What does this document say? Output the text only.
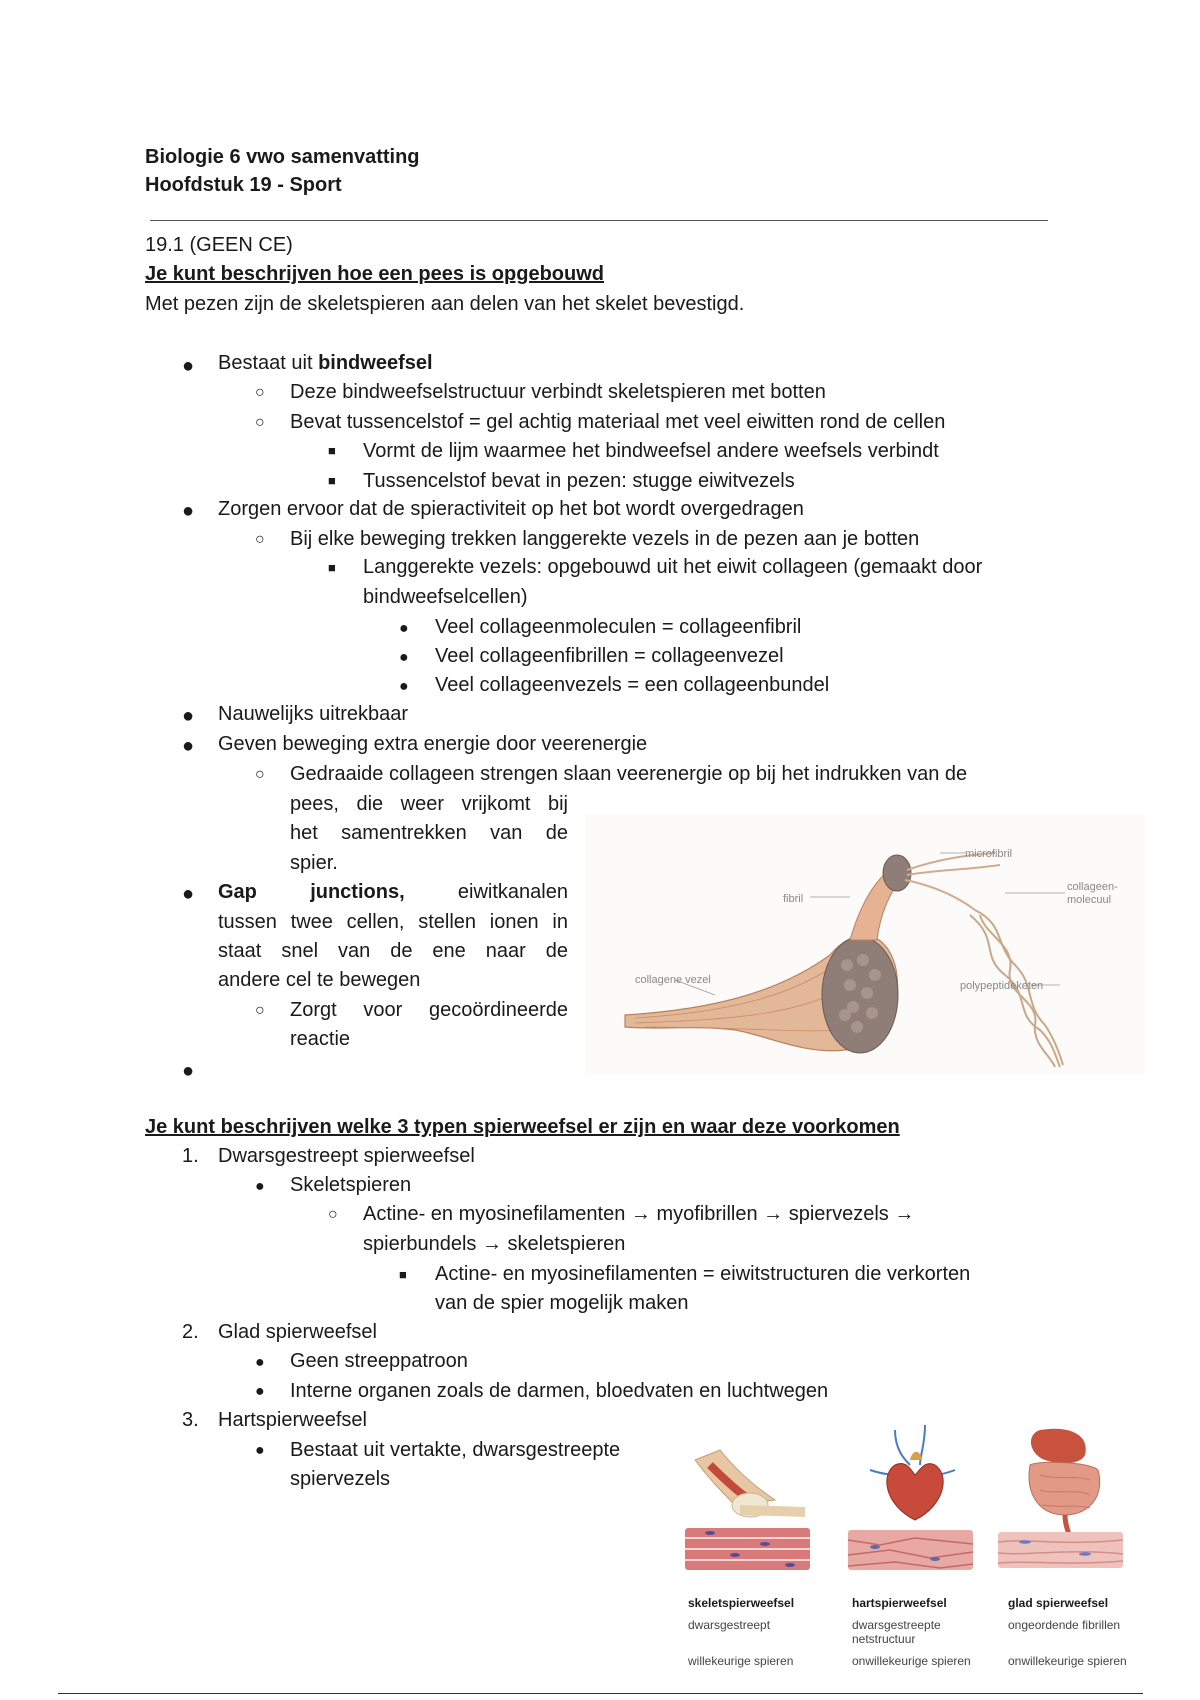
Biologie 6 vwo samenvatting
Hoofdstuk 19 - Sport
19.1 (GEEN CE)
Je kunt beschrijven hoe een pees is opgebouwd
Met pezen zijn de skeletspieren aan delen van het skelet bevestigd.
● Bestaat uit bindweefsel
○ Deze bindweefselstructuur verbindt skeletspieren met botten
○ Bevat tussencelstof = gel achtig materiaal met veel eiwitten rond de cellen
■ Vormt de lijm waarmee het bindweefsel andere weefsels verbindt
■ Tussencelstof bevat in pezen: stugge eiwitvezels
● Zorgen ervoor dat de spieractiviteit op het bot wordt overgedragen
○ Bij elke beweging trekken langgerekte vezels in de pezen aan je botten
■ Langgerekte vezels: opgebouwd uit het eiwit collageen (gemaakt door
bindweefselcellen)
● Veel collageenmoleculen = collageenfibril
● Veel collageenfibrillen = collageenvezel
● Veel collageenvezels = een collageenbundel
● Nauwelijks uitrekbaar
● Geven beweging extra energie door veerenergie
○ Gedraaide collageen strengen slaan veerenergie op bij het indrukken van de
pees, die weer vrijkomt bij
het samentrekken van de
spier.
● Gap	junctions,	eiwitkanalen
tussen twee cellen, stellen ionen in
staat snel van de ene naar de
andere cel te bewegen
○ Zorgt voor gecoördineerde
reactie
●
microfibril
fibril
collageen-
molecuul
collagene vezel	polypeptideketen
Je kunt beschrijven welke 3 typen spierweefsel er zijn en waar deze voorkomen
1. Dwarsgestreept spierweefsel
● Skeletspieren
○ Actine- en myosinefilamenten → myofibrillen → spiervezels →
spierbundels → skeletspieren
■ Actine- en myosinefilamenten = eiwitstructuren die verkorten
van de spier mogelijk maken
2. Glad spierweefsel
● Geen streeppatroon
● Interne organen zoals de darmen, bloedvaten en luchtwegen
3. Hartspierweefsel
● Bestaat uit vertakte, dwarsgestreepte
spiervezels
skeletspierweefsel
dwarsgestreept
willekeurige spieren
hartspierweefsel
dwarsgestreepte
netstructuur
onwillekeurige spieren
glad spierweefsel
ongeordende fibrillen
onwillekeurige spieren
